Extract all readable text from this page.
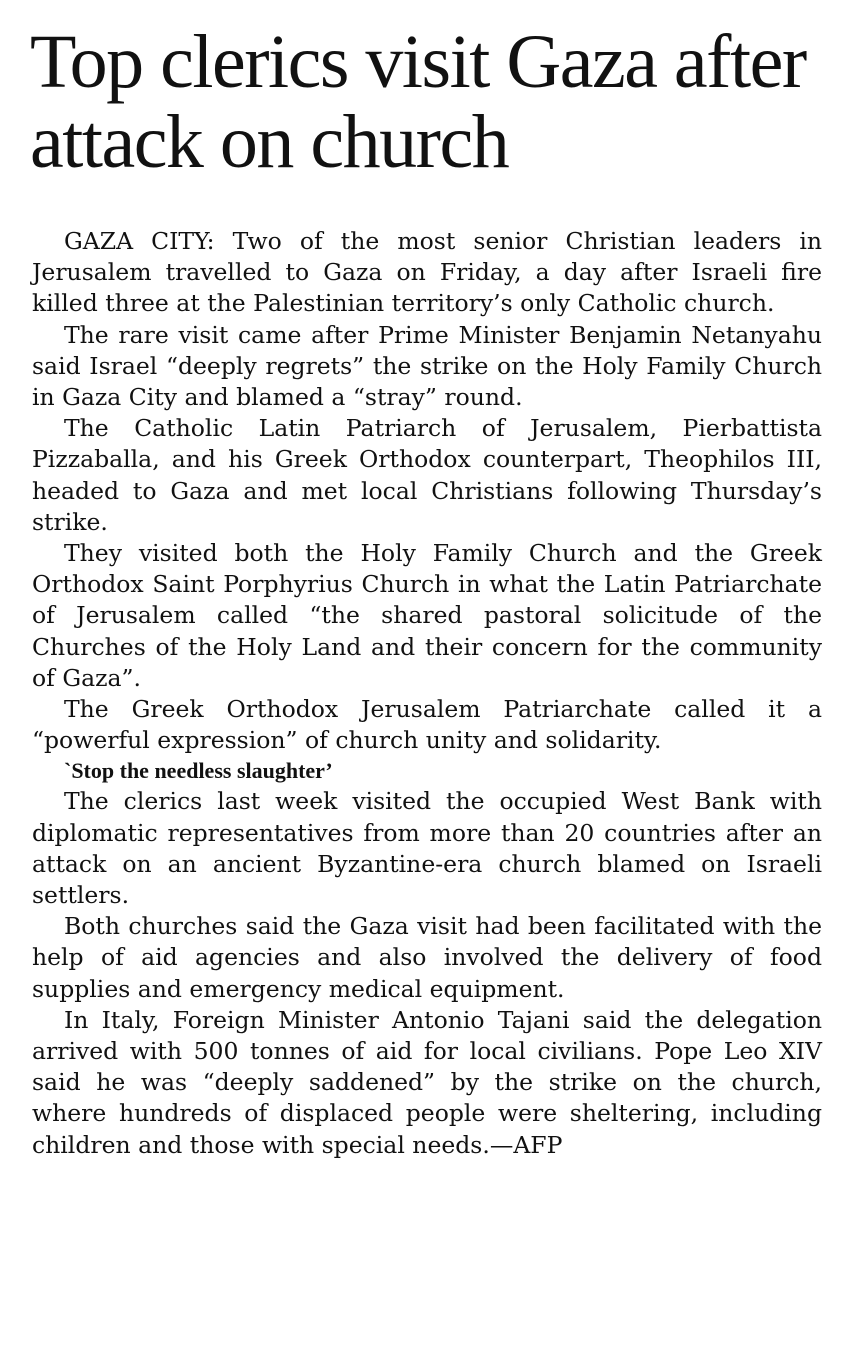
Top clerics visit Gaza after attack on church

GAZA CITY: Two of the most senior Christian leaders in Jerusalem travelled to Gaza on Friday, a day after Israeli fire killed three at the Palestinian territory’s only Catholic church.

The rare visit came after Prime Minister Benjamin Netanyahu said Israel “deeply regrets” the strike on the Holy Family Church in Gaza City and blamed a “stray” round.

The Catholic Latin Patriarch of Jerusalem, Pierbattista Pizzaballa, and his Greek Orthodox counterpart, Theophilos III, headed to Gaza and met local Christians following Thursday’s strike.

They visited both the Holy Family Church and the Greek Orthodox Saint Porphyrius Church in what the Latin Patriarchate of Jerusalem called “the shared pastoral solicitude of the Churches of the Holy Land and their concern for the community of Gaza”.

The Greek Orthodox Jerusalem Patriarchate called it a “powerful expression” of church unity and solidarity.

`Stop the needless slaughter’

The clerics last week visited the occupied West Bank with diplomatic representatives from more than 20 countries after an attack on an ancient Byzantine-era church blamed on Israeli settlers.

Both churches said the Gaza visit had been facilitated with the help of aid agencies and also involved the delivery of food supplies and emergency medical equipment.

In Italy, Foreign Minister Antonio Tajani said the delegation arrived with 500 tonnes of aid for local civilians. Pope Leo XIV said he was “deeply saddened” by the strike on the church, where hundreds of displaced people were sheltering, including children and those with special needs.—AFP
